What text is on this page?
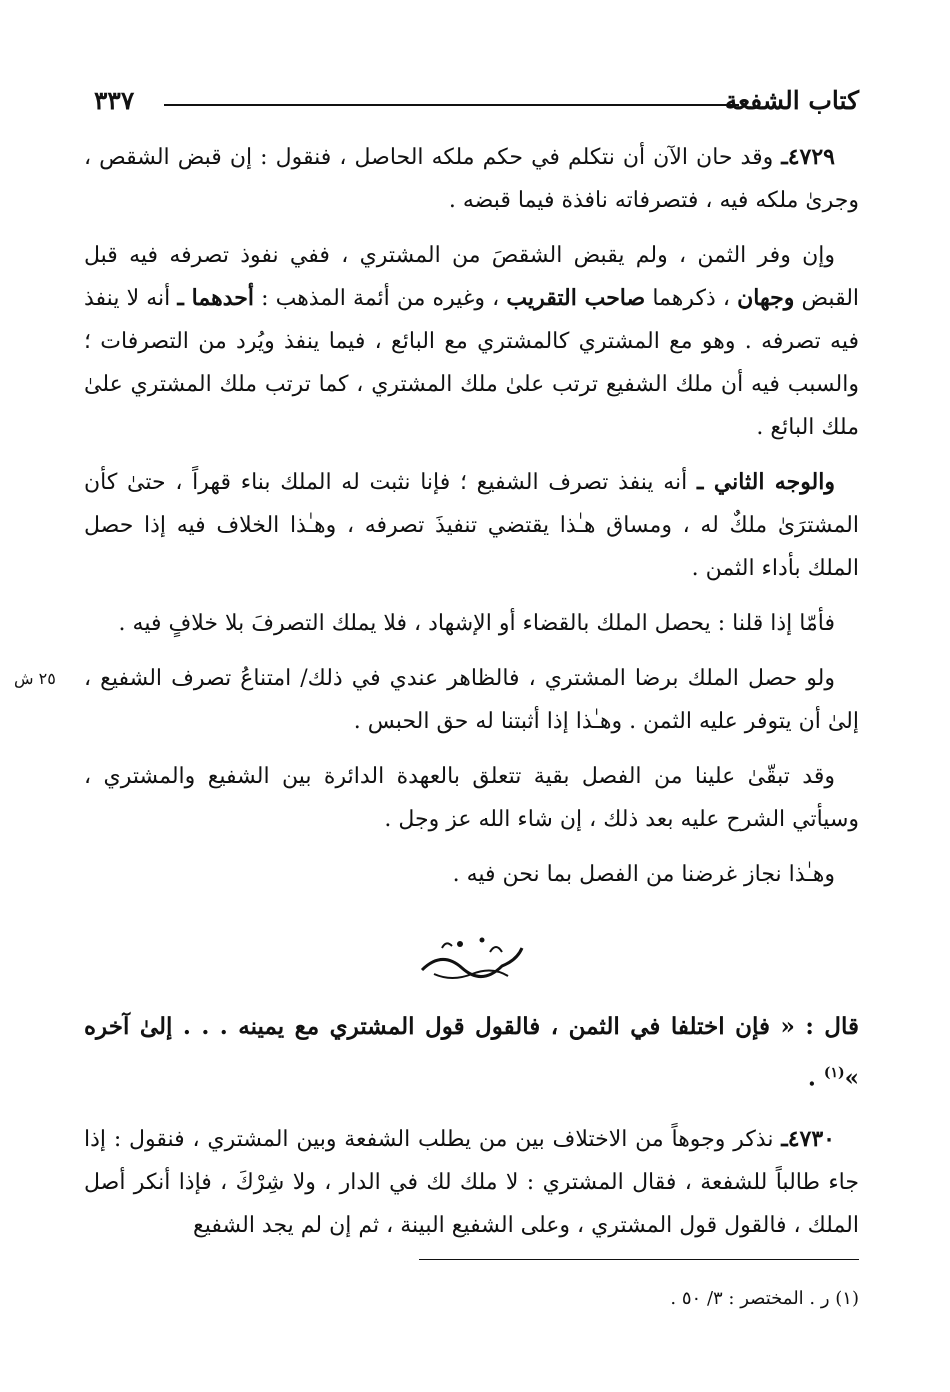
كتاب الشفعة
٣٣٧

٤٧٢٩ـ وقد حان الآن أن نتكلم في حكم ملكه الحاصل ، فنقول : إن قبض الشقص ، وجرىٰ ملكه فيه ، فتصرفاته نافذة فيما قبضه .

وإن وفر الثمن ، ولم يقبض الشقصَ من المشتري ، ففي نفوذ تصرفه فيه قبل القبض وجهان ، ذكرهما صاحب التقريب ، وغيره من أئمة المذهب : أحدهما ـ أنه لا ينفذ فيه تصرفه . وهو مع المشتري كالمشتري مع البائع ، فيما ينفذ ويُرد من التصرفات ؛ والسبب فيه أن ملك الشفيع ترتب علىٰ ملك المشتري ، كما ترتب ملك المشتري علىٰ ملك البائع .

والوجه الثاني ـ أنه ينفذ تصرف الشفيع ؛ فإنا نثبت له الملك بناء قهراً ، حتىٰ كأن المشترَىٰ ملكٌ له ، ومساق هـٰذا يقتضي تنفيذَ تصرفه ، وهـٰذا الخلاف فيه إذا حصل الملك بأداء الثمن .

فأمّا إذا قلنا : يحصل الملك بالقضاء أو الإشهاد ، فلا يملك التصرفَ بلا خلافٍ فيه .

ولو حصل الملك برضا المشتري ، فالظاهر عندي في ذلك/ امتناعُ تصرف الشفيع ، إلىٰ أن يتوفر عليه الثمن . وهـٰذا إذا أثبتنا له حق الحبس .
٢٥ ش

وقد تبقّىٰ علينا من الفصل بقية تتعلق بالعهدة الدائرة بين الشفيع والمشتري ، وسيأتي الشرح عليه بعد ذلك ، إن شاء الله عز وجل .

وهـٰذا نجاز غرضنا من الفصل بما نحن فيه .

قال : « فإن اختلفا في الثمن ، فالقول قول المشتري مع يمينه . . . إلىٰ آخره »$^{(١)}$ .

٤٧٣٠ـ نذكر وجوهاً من الاختلاف بين من يطلب الشفعة وبين المشتري ، فنقول : إذا جاء طالباً للشفعة ، فقال المشتري : لا ملك لك في الدار ، ولا شِرْكَ ، فإذا أنكر أصل الملك ، فالقول قول المشتري ، وعلى الشفيع البينة ، ثم إن لم يجد الشفيع

(١) ر . المختصر : ٣/ ٥٠ .
